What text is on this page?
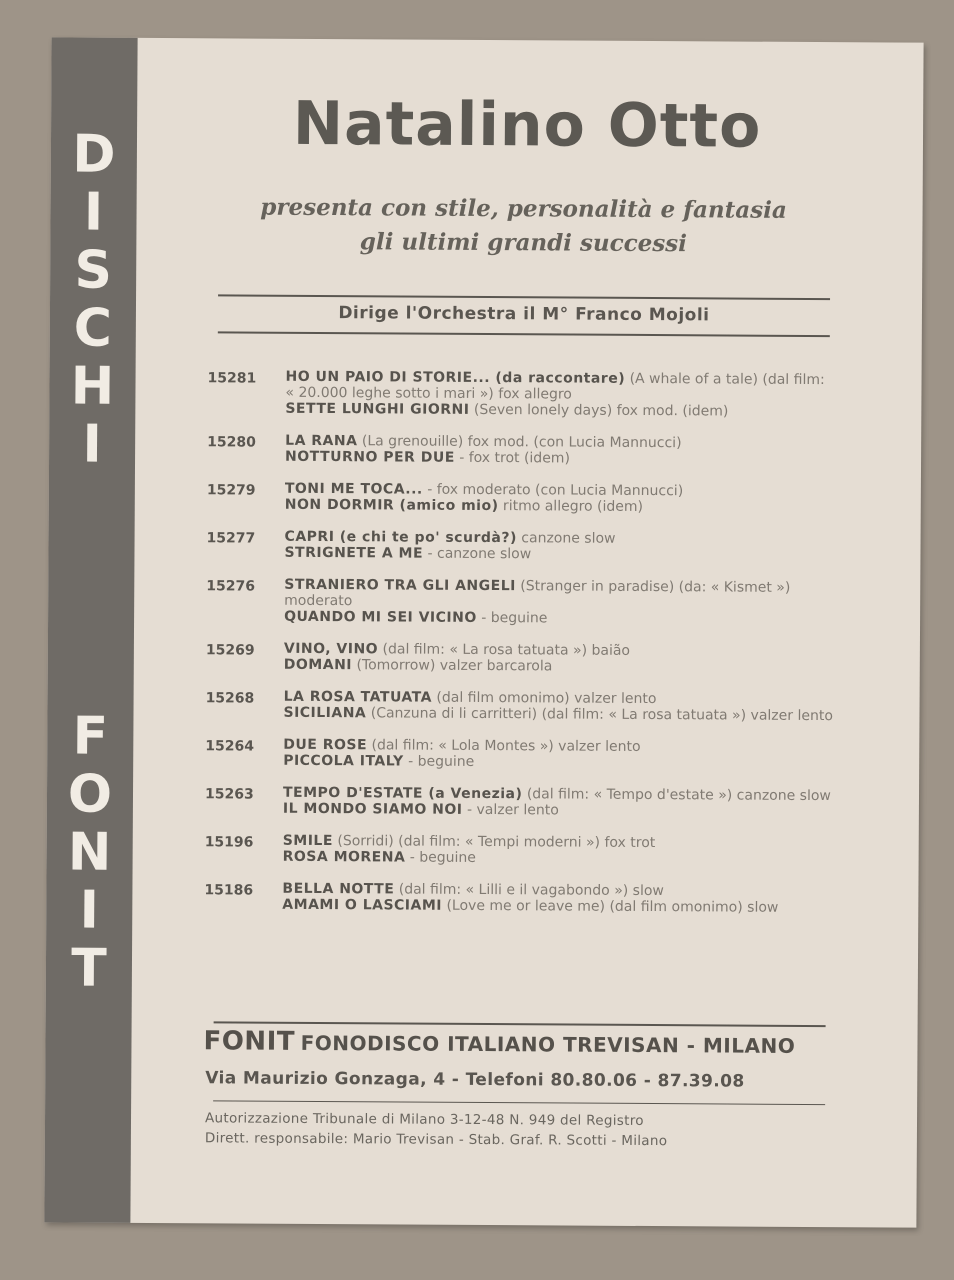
D
I
S
C
H
I
F
O
N
I
T
Natalino Otto
presenta con stile, personalità e fantasia
gli ultimi grandi successi
Dirige l'Orchestra il M° Franco Mojoli
15281	HO UN PAIO DI STORIE... (da raccontare) (A whale of a tale) (dal film: « 20.000 leghe sotto i mari ») fox allegro
SETTE LUNGHI GIORNI (Seven lonely days) fox mod. (idem)
15280	LA RANA (La grenouille) fox mod. (con Lucia Mannucci)
NOTTURNO PER DUE - fox trot (idem)
15279	TONI ME TOCA... - fox moderato (con Lucia Mannucci)
NON DORMIR (amico mio) ritmo allegro (idem)
15277	CAPRI (e chi te po' scurdà?) canzone slow
STRIGNETE A ME - canzone slow
15276	STRANIERO TRA GLI ANGELI (Stranger in paradise) (da: « Kismet ») moderato
QUANDO MI SEI VICINO - beguine
15269	VINO, VINO (dal film: « La rosa tatuata ») baião
DOMANI (Tomorrow) valzer barcarola
15268	LA ROSA TATUATA (dal film omonimo) valzer lento
SICILIANA (Canzuna di li carritteri) (dal film: « La rosa tatuata ») valzer lento
15264	DUE ROSE (dal film: « Lola Montes ») valzer lento
PICCOLA ITALY - beguine
15263	TEMPO D'ESTATE (a Venezia) (dal film: « Tempo d'estate ») canzone slow
IL MONDO SIAMO NOI - valzer lento
15196	SMILE (Sorridi) (dal film: « Tempi moderni ») fox trot
ROSA MORENA - beguine
15186	BELLA NOTTE (dal film: « Lilli e il vagabondo ») slow
AMAMI O LASCIAMI (Love me or leave me) (dal film omonimo) slow
FONIT FONODISCO ITALIANO TREVISAN - MILANO
Via Maurizio Gonzaga, 4 - Telefoni 80.80.06 - 87.39.08
Autorizzazione Tribunale di Milano 3-12-48 N. 949 del Registro
Dirett. responsabile: Mario Trevisan - Stab. Graf. R. Scotti - Milano
